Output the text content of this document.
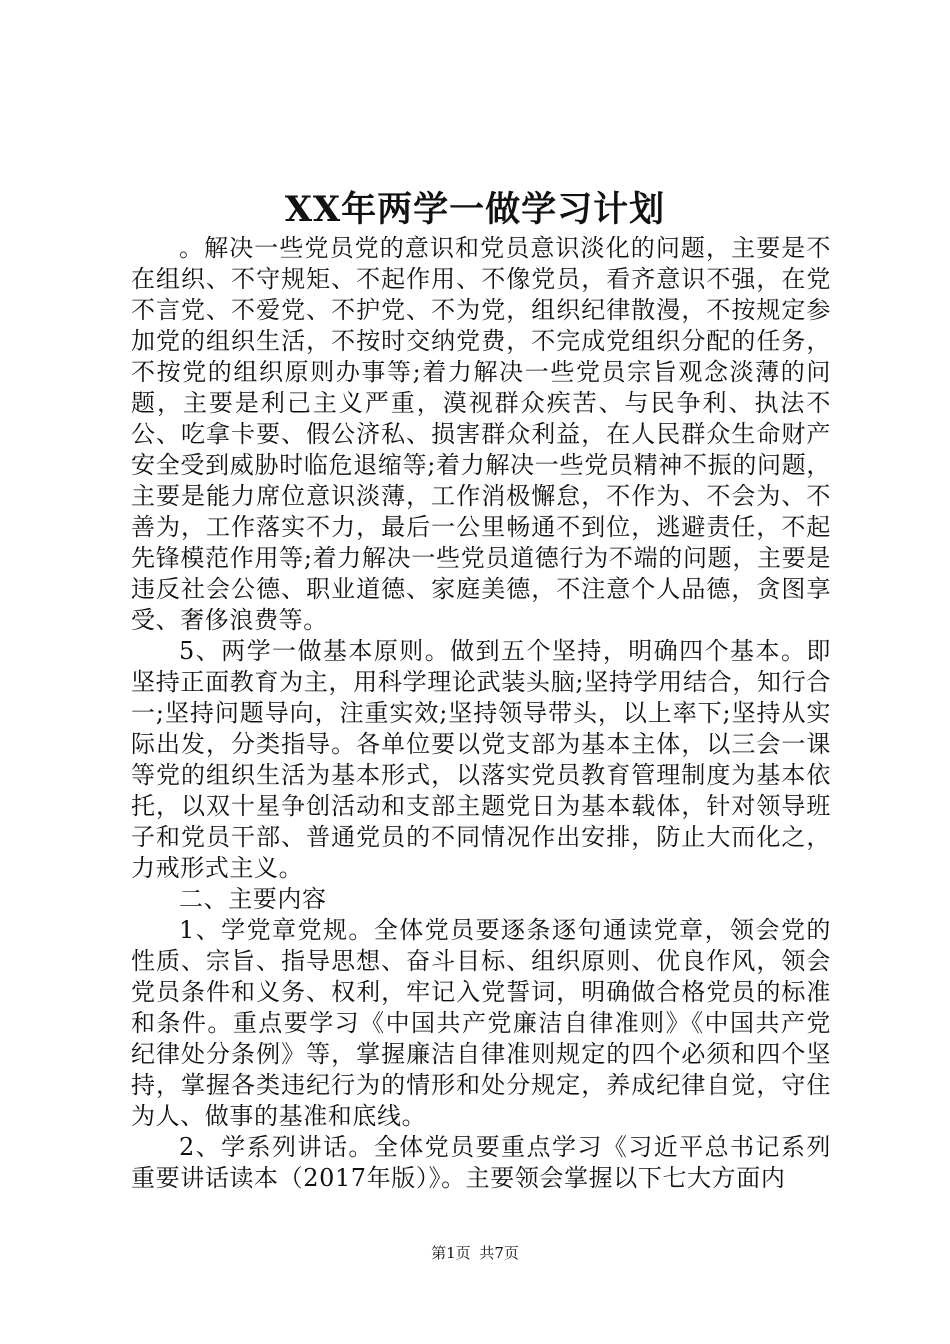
XX年两学一做学习计划

。解决一些党员党的意识和党员意识淡化的问题，主要是不在组织、不守规矩、不起作用、不像党员，看齐意识不强，在党不言党、不爱党、不护党、不为党，组织纪律散漫，不按规定参加党的组织生活，不按时交纳党费，不完成党组织分配的任务，不按党的组织原则办事等;着力解决一些党员宗旨观念淡薄的问题，主要是利己主义严重，漠视群众疾苦、与民争利、执法不公、吃拿卡要、假公济私、损害群众利益，在人民群众生命财产安全受到威胁时临危退缩等;着力解决一些党员精神不振的问题，主要是能力席位意识淡薄，工作消极懈怠，不作为、不会为、不善为，工作落实不力，最后一公里畅通不到位，逃避责任，不起先锋模范作用等;着力解决一些党员道德行为不端的问题，主要是违反社会公德、职业道德、家庭美德，不注意个人品德，贪图享受、奢侈浪费等。

5、两学一做基本原则。做到五个坚持，明确四个基本。即坚持正面教育为主，用科学理论武装头脑;坚持学用结合，知行合一;坚持问题导向，注重实效;坚持领导带头，以上率下;坚持从实际出发，分类指导。各单位要以党支部为基本主体，以三会一课等党的组织生活为基本形式，以落实党员教育管理制度为基本依托，以双十星争创活动和支部主题党日为基本载体，针对领导班子和党员干部、普通党员的不同情况作出安排，防止大而化之，力戒形式主义。

二、主要内容

1、学党章党规。全体党员要逐条逐句通读党章，领会党的性质、宗旨、指导思想、奋斗目标、组织原则、优良作风，领会党员条件和义务、权利，牢记入党誓词，明确做合格党员的标准和条件。重点要学习《中国共产党廉洁自律准则》《中国共产党纪律处分条例》等，掌握廉洁自律准则规定的四个必须和四个坚持，掌握各类违纪行为的情形和处分规定，养成纪律自觉，守住为人、做事的基准和底线。

2、学系列讲话。全体党员要重点学习《习近平总书记系列重要讲话读本（2017年版）》。主要领会掌握以下七大方面内

第1页 共7页
